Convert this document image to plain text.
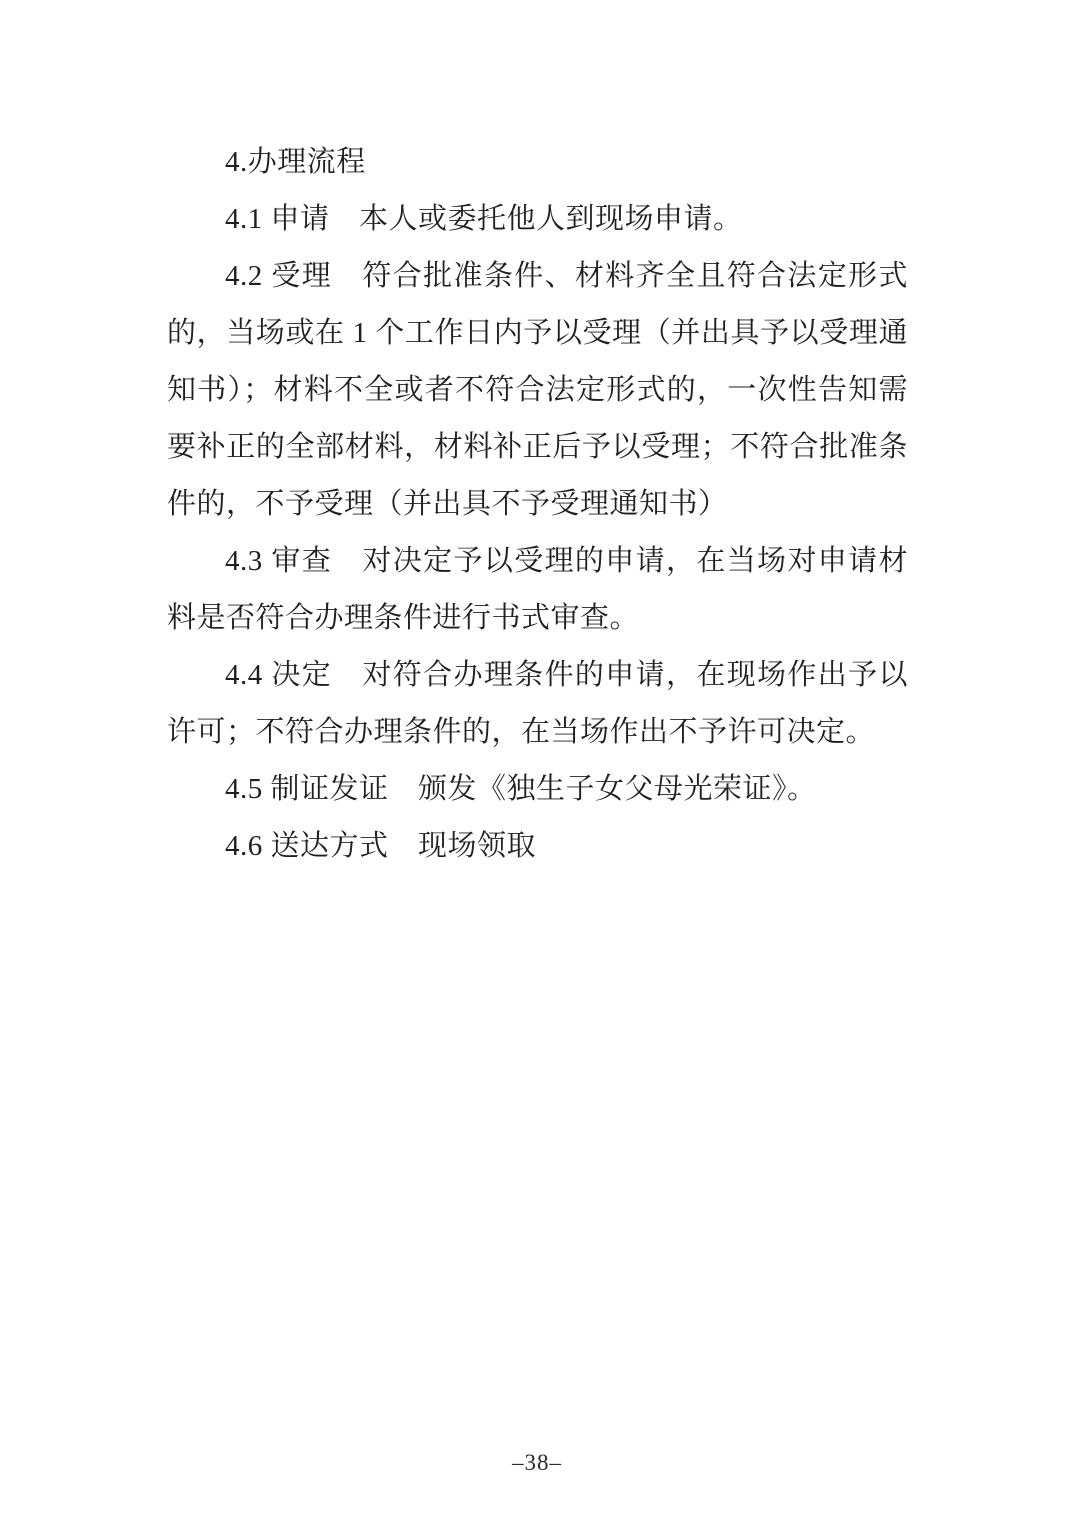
4.办理流程

4.1 申请　本人或委托他人到现场申请。

4.2 受理　符合批准条件、材料齐全且符合法定形式的，当场或在 1 个工作日内予以受理（并出具予以受理通知书）；材料不全或者不符合法定形式的，一次性告知需要补正的全部材料，材料补正后予以受理；不符合批准条件的，不予受理（并出具不予受理通知书）

4.3 审查　对决定予以受理的申请，在当场对申请材料是否符合办理条件进行书式审查。

4.4 决定　对符合办理条件的申请，在现场作出予以许可；不符合办理条件的，在当场作出不予许可决定。

4.5 制证发证　颁发《独生子女父母光荣证》。

4.6 送达方式　现场领取

–38–
